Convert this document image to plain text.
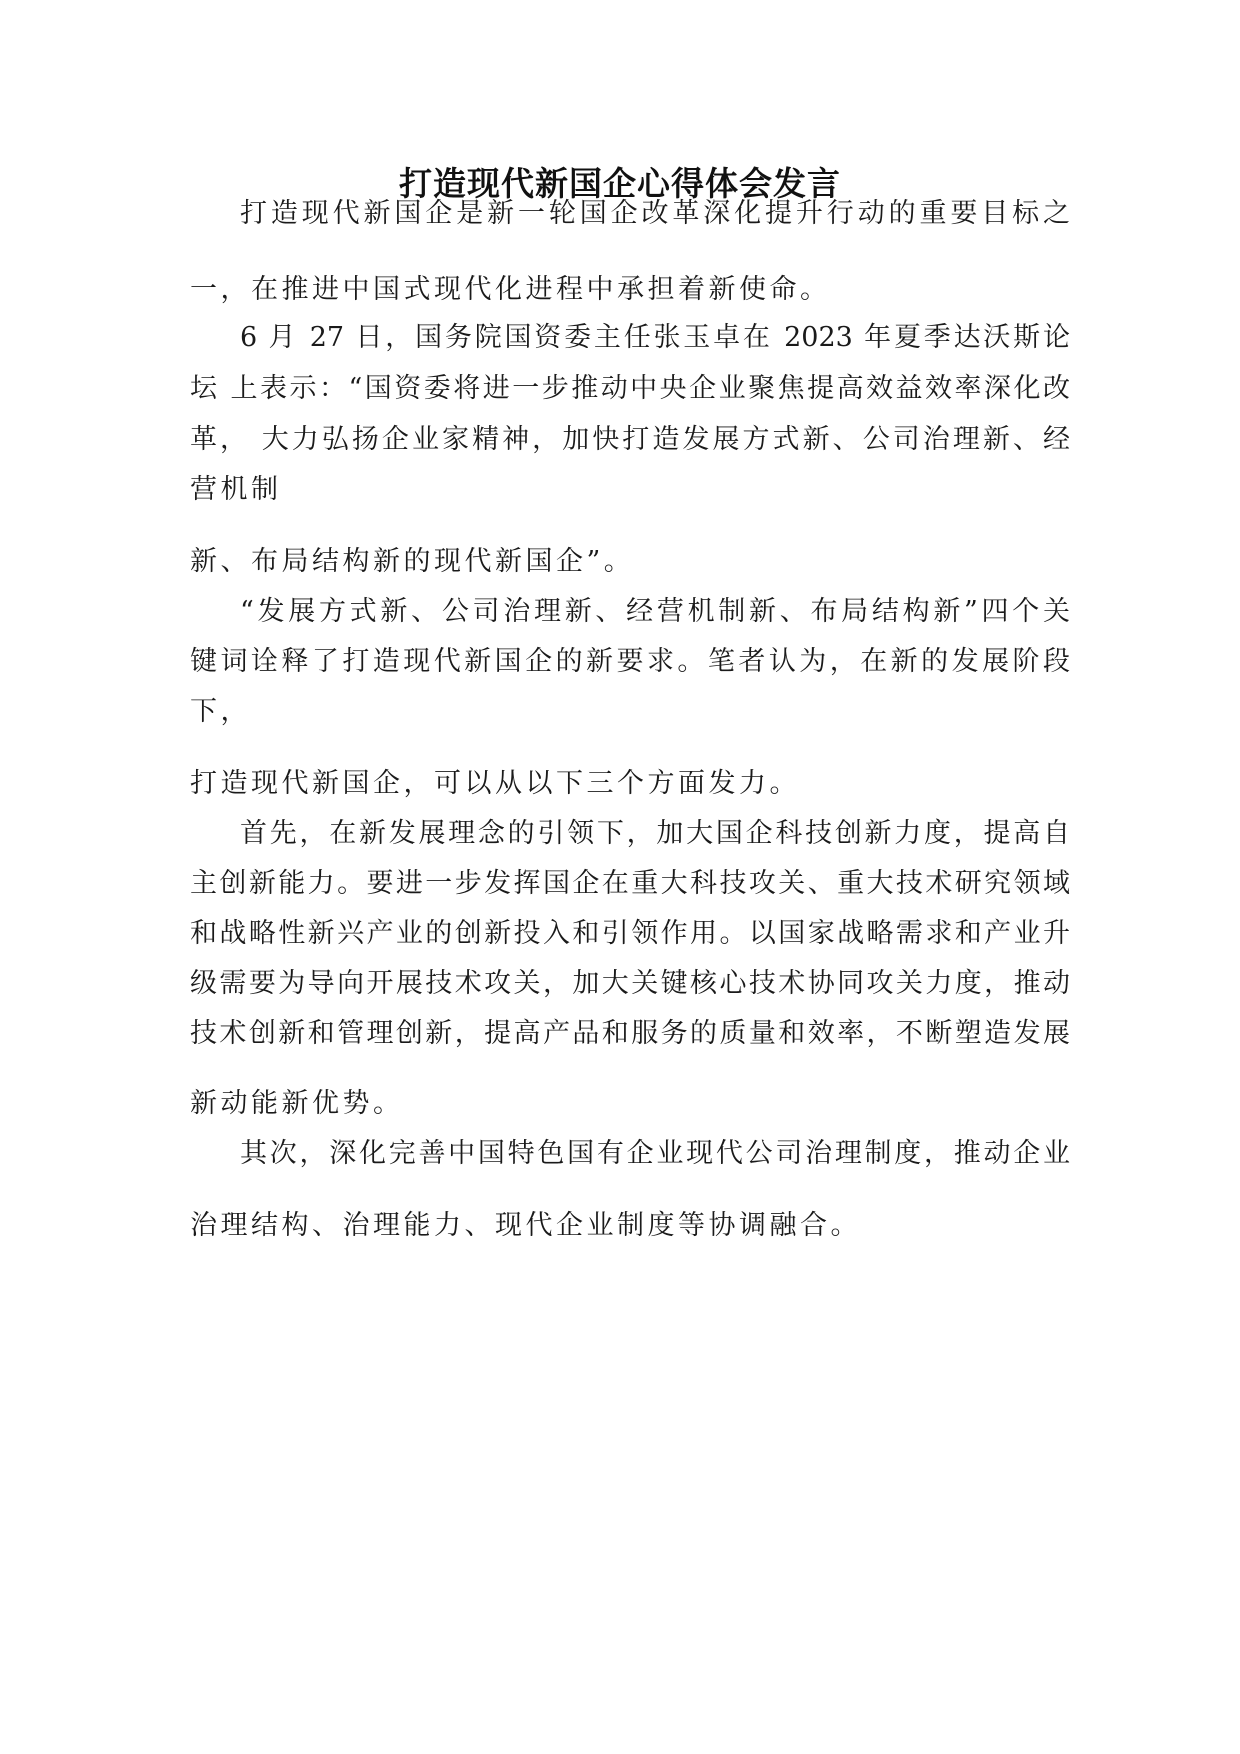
打造现代新国企心得体会发言
打造现代新国企是新一轮国企改革深化提升行动的重要目标之
一，在推进中国式现代化进程中承担着新使命。
6 月 27 日，国务院国资委主任张玉卓在 2023 年夏季达沃斯论
坛 上表示：“国资委将进一步推动中央企业聚焦提高效益效率深化改
革， 大力弘扬企业家精神，加快打造发展方式新、公司治理新、经
营机制
新、布局结构新的现代新国企”。
“发展方式新、公司治理新、经营机制新、布局结构新”四个关
键词诠释了打造现代新国企的新要求。笔者认为，在新的发展阶段
下，
打造现代新国企，可以从以下三个方面发力。
首先，在新发展理念的引领下，加大国企科技创新力度，提高自
主创新能力。要进一步发挥国企在重大科技攻关、重大技术研究领域
和战略性新兴产业的创新投入和引领作用。以国家战略需求和产业升
级需要为导向开展技术攻关，加大关键核心技术协同攻关力度，推动
技术创新和管理创新，提高产品和服务的质量和效率，不断塑造发展
新动能新优势。
其次，深化完善中国特色国有企业现代公司治理制度，推动企业
治理结构、治理能力、现代企业制度等协调融合。
